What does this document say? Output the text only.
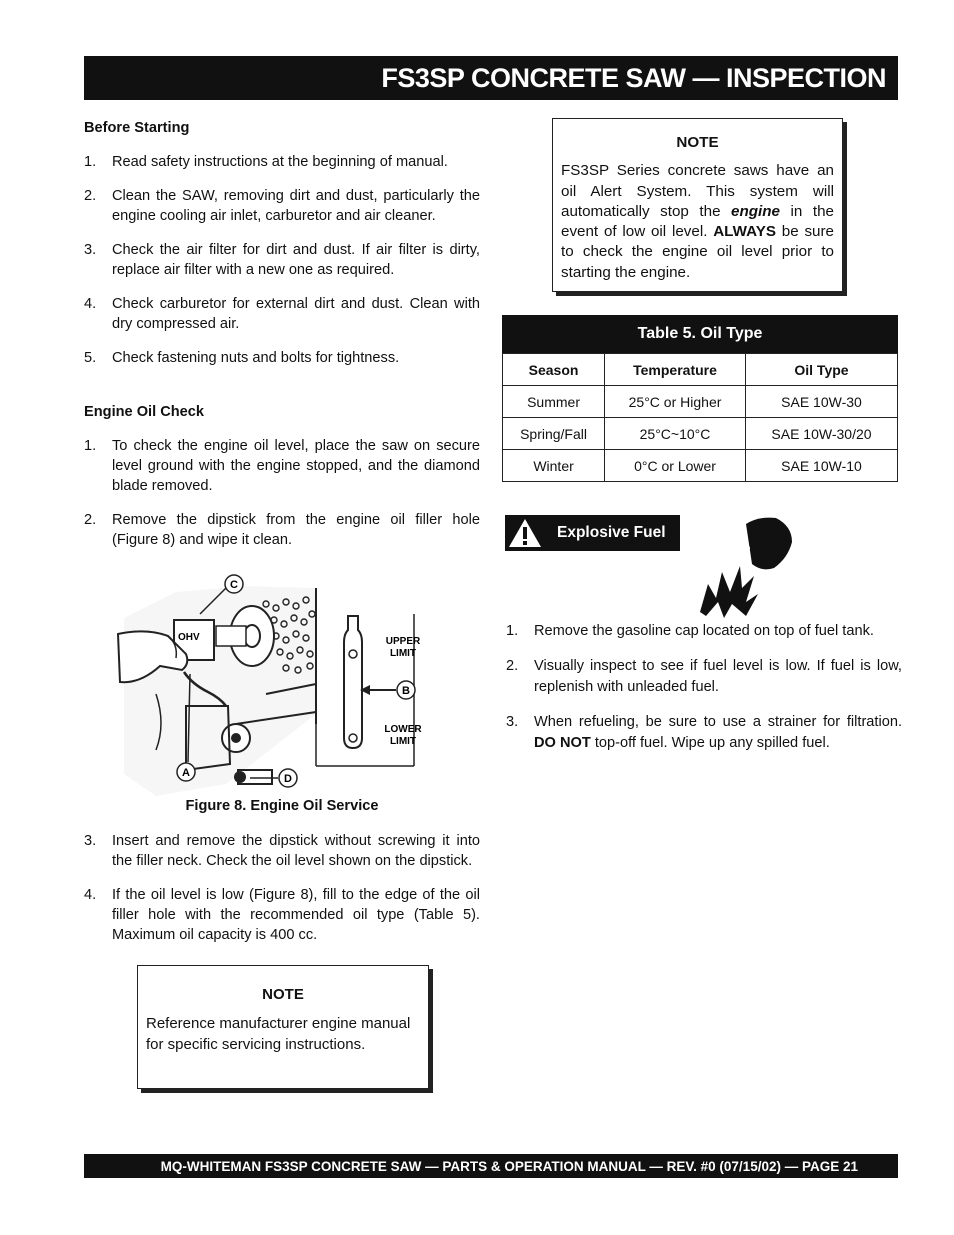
FS3SP CONCRETE SAW — INSPECTION
Before Starting
1.	Read safety instructions at the beginning of manual.
2.	Clean the SAW, removing dirt and dust, particularly the engine cooling air inlet, carburetor and air cleaner.
3.	Check the air filter for dirt and dust. If air filter is dirty, replace air filter with a new one as required.
4.	Check carburetor for external dirt and dust. Clean with dry compressed air.
5.	Check fastening nuts and bolts for tightness.
Engine Oil Check
1.	To check the engine oil level, place the saw on secure level ground with the engine stopped, and the diamond blade removed.
2.	Remove the dipstick from the engine oil filler hole (Figure 8) and wipe it clean.
OHV
C
A	D
UPPER
LIMIT
LOWER
LIMIT
B
Figure 8. Engine Oil Service
3.	Insert and remove the dipstick without screwing it into the filler neck. Check the oil level shown on the dipstick.
4.	If the oil level is low (Figure 8), fill to the edge of the oil filler hole with the recommended oil type (Table 5). Maximum oil capacity is 400 cc.
NOTE
Reference manufacturer engine manual for specific servicing instructions.
NOTE
FS3SP Series concrete saws have an oil Alert System. This system will automatically stop the engine in the event of low oil level. ALWAYS be sure to check the engine oil level prior to starting the engine.
Table 5. Oil Type
Season	Temperature	Oil Type
Summer	25°C or Higher	SAE 10W-30
Spring/Fall	25°C~10°C	SAE 10W-30/20
Winter	0°C or Lower	SAE 10W-10
Explosive Fuel
1.	Remove the gasoline cap located on top of fuel tank.
2.	Visually inspect to see if fuel level is low. If fuel is low, replenish with unleaded fuel.
3.	When refueling, be sure to use a strainer for filtration. DO NOT top-off fuel. Wipe up any spilled fuel.
MQ-WHITEMAN FS3SP CONCRETE SAW — PARTS & OPERATION MANUAL — REV. #0 (07/15/02) — PAGE 21
